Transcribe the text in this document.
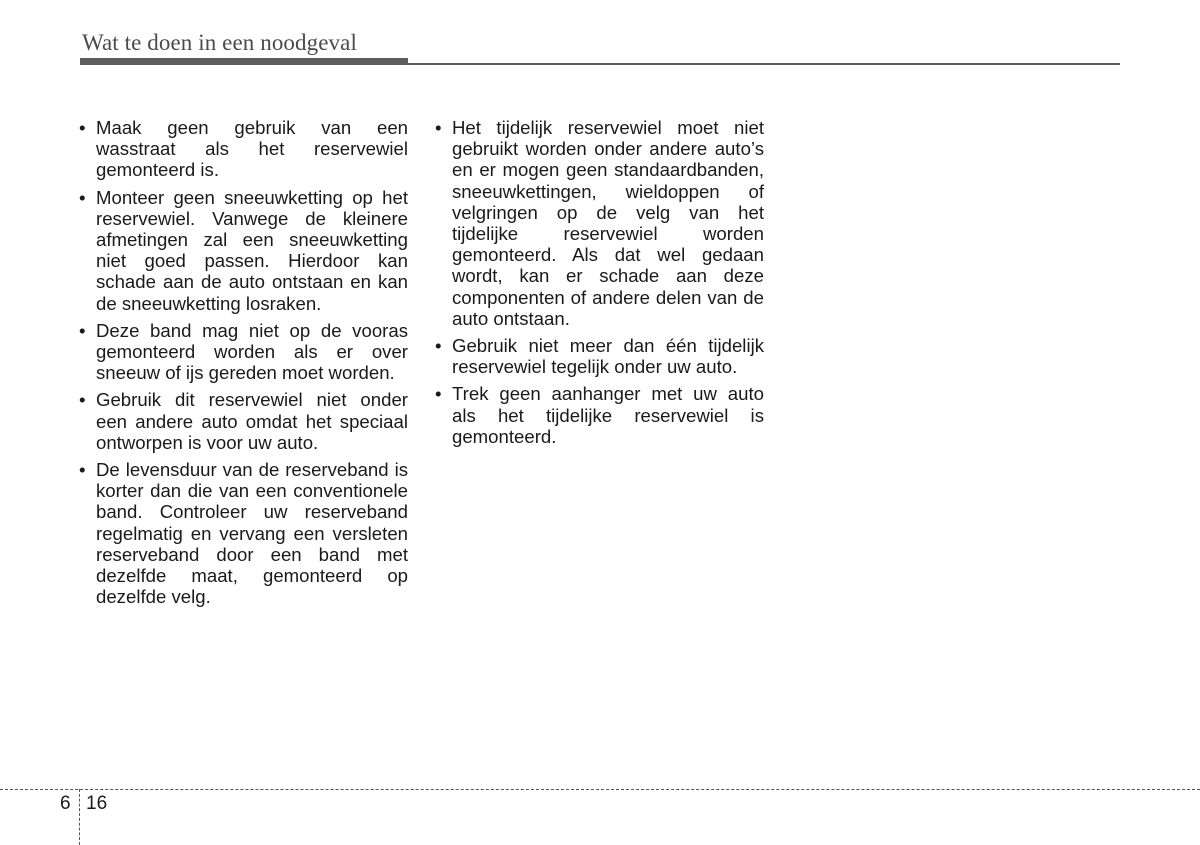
Wat te doen in een noodgeval
• Maak geen gebruik van een wasstraat als het reservewiel gemonteerd is.
• Monteer geen sneeuwketting op het reservewiel. Vanwege de kleinere afmetingen zal een sneeuwketting niet goed passen. Hierdoor kan schade aan de auto ontstaan en kan de sneeuwketting losraken.
• Deze band mag niet op de vooras gemonteerd worden als er over sneeuw of ijs gereden moet worden.
• Gebruik dit reservewiel niet onder een andere auto omdat het speciaal ontworpen is voor uw auto.
• De levensduur van de reserveband is korter dan die van een conventionele band. Controleer uw reserveband regelmatig en vervang een versleten reserveband door een band met dezelfde maat, gemonteerd op dezelfde velg.
• Het tijdelijk reservewiel moet niet gebruikt worden onder andere auto’s en er mogen geen standaardbanden, sneeuwkettingen, wieldoppen of velgringen op de velg van het tijdelijke reservewiel worden gemonteerd. Als dat wel gedaan wordt, kan er schade aan deze componenten of andere delen van de auto ontstaan.
• Gebruik niet meer dan één tijdelijk reservewiel tegelijk onder uw auto.
• Trek geen aanhanger met uw auto als het tijdelijke reservewiel is gemonteerd.
6 16
